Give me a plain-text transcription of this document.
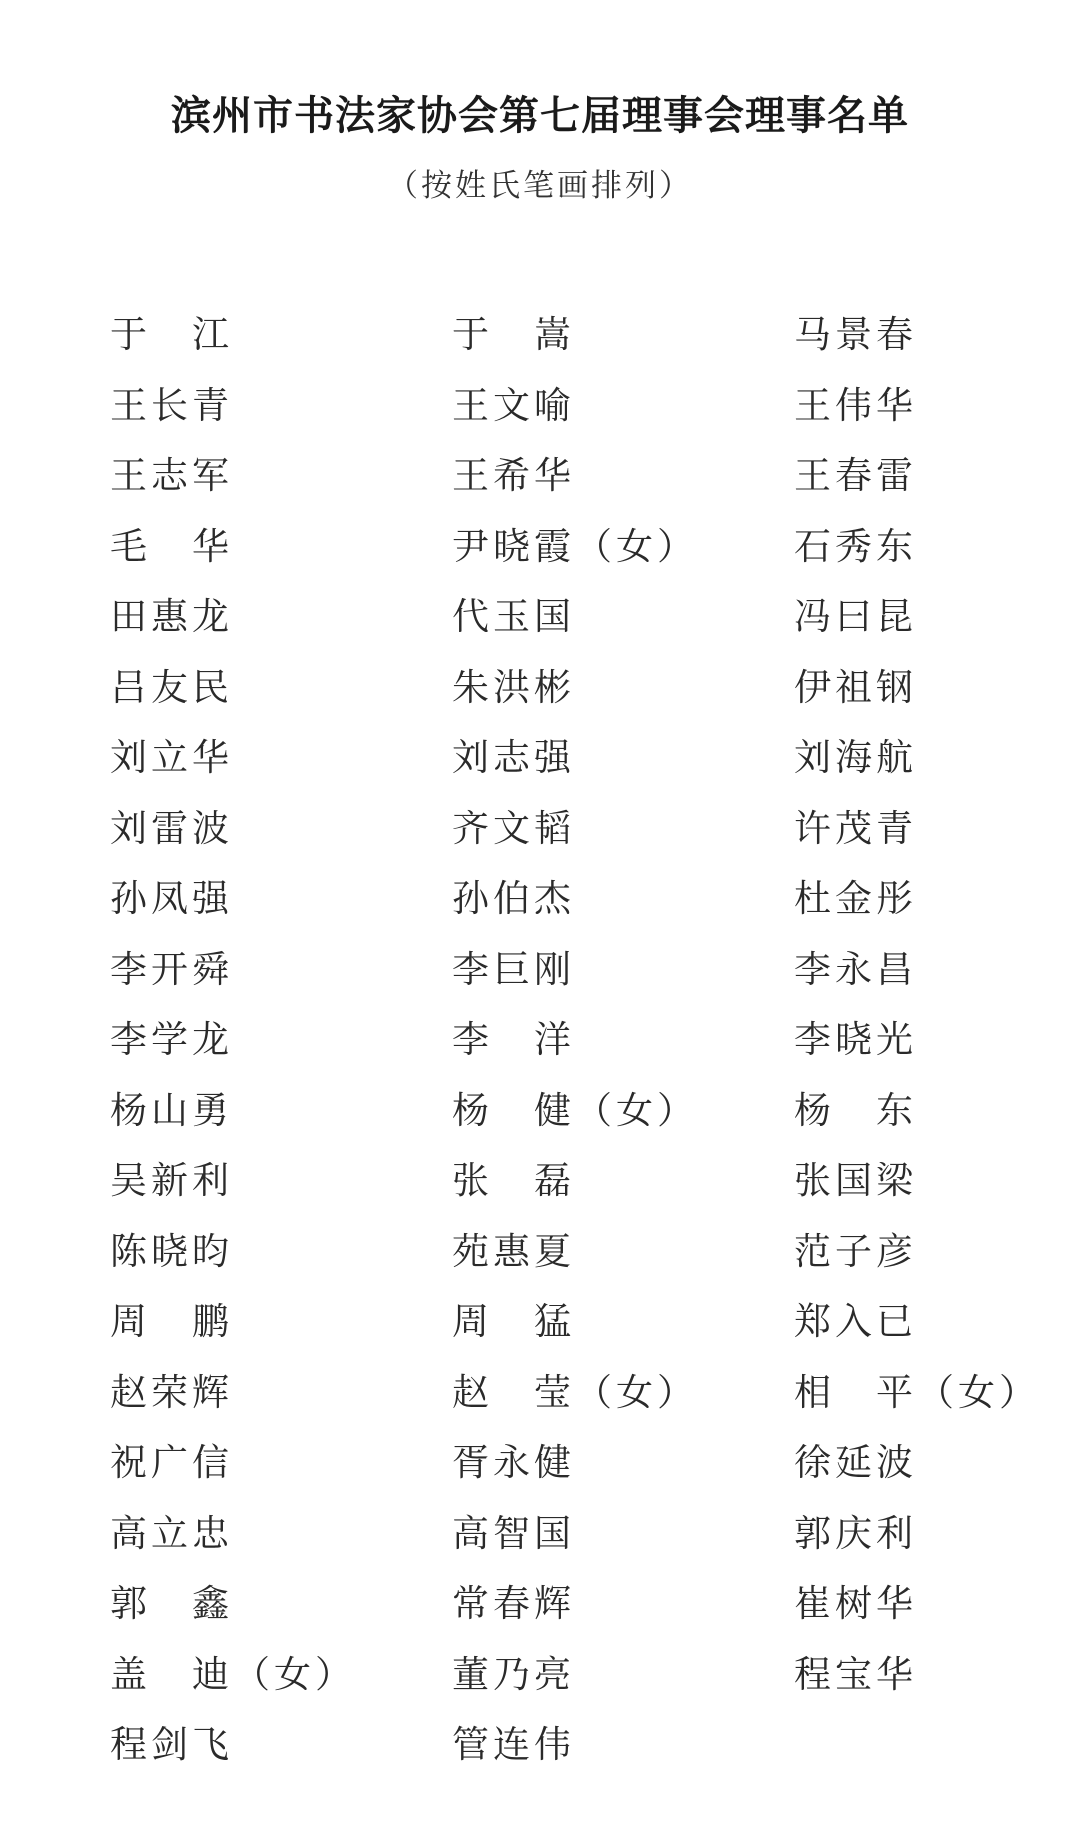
滨州市书法家协会第七届理事会理事名单

（按姓氏笔画排列）

于　江	于　嵩	马景春
王长青	王文喻	王伟华
王志军	王希华	王春雷
毛　华	尹晓霞（女）	石秀东
田惠龙	代玉国	冯曰昆
吕友民	朱洪彬	伊祖钢
刘立华	刘志强	刘海航
刘雷波	齐文韬	许茂青
孙凤强	孙伯杰	杜金彤
李开舜	李巨刚	李永昌
李学龙	李　洋	李晓光
杨山勇	杨　健（女）	杨　东
吴新利	张　磊	张国梁
陈晓昀	苑惠夏	范子彦
周　鹏	周　猛	郑入已
赵荣辉	赵　莹（女）	相　平（女）
祝广信	胥永健	徐延波
高立忠	高智国	郭庆利
郭　鑫	常春辉	崔树华
盖　迪（女）	董乃亮	程宝华
程剑飞	管连伟
